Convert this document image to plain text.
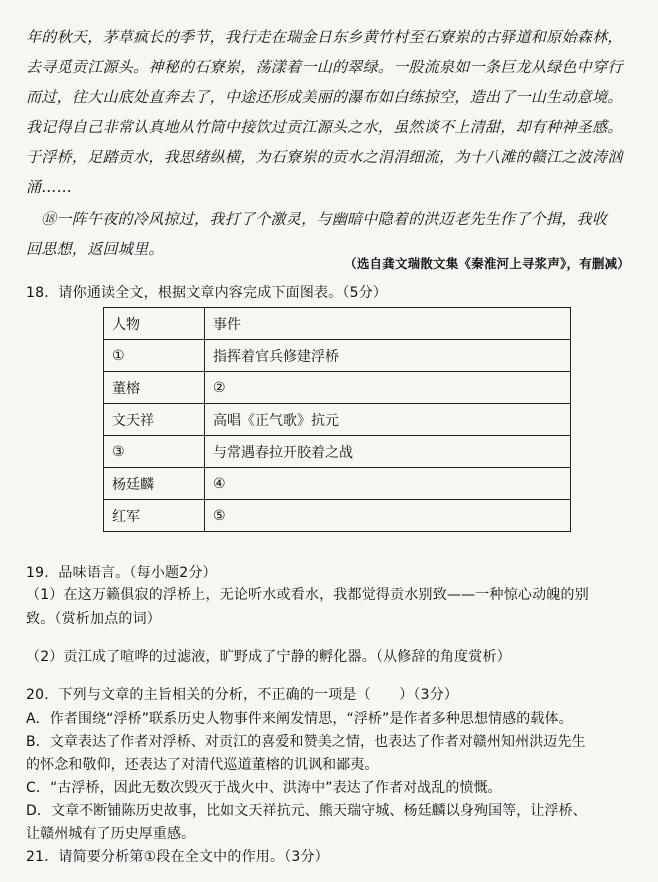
年的秋天，茅草疯长的季节，我行走在瑞金日东乡黄竹村至石寮岽的古驿道和原始森林，

去寻觅贡江源头。神秘的石寮岽，荡漾着一山的翠绿。一股流泉如一条巨龙从绿色中穿行

而过，往大山底处直奔去了，中途还形成美丽的瀑布如白练掠空，造出了一山生动意境。

我记得自己非常认真地从竹筒中接饮过贡江源头之水，虽然谈不上清甜，却有种神圣感。

于浮桥，足踏贡水，我思绪纵横，为石寮岽的贡水之涓涓细流，为十八滩的赣江之波涛汹

涌……

⑱一阵午夜的冷风掠过，我打了个激灵，与幽暗中隐着的洪迈老先生作了个揖，我收

回思想，返回城里。

（选自龚文瑞散文集《秦淮河上寻浆声》，有删减）
18．请你通读全文，根据文章内容完成下面图表。（5分）
人物	事件
①	指挥着官兵修建浮桥
董榕	②
文天祥	高唱《正气歌》抗元
③	与常遇春拉开胶着之战
杨廷麟	④
红军	⑤
19．品味语言。（每小题2分）
（1）在这万籁俱寂的浮桥上，无论听水或看水，我都觉得贡水别致——一种惊心动魄的别
致。（赏析加点的词）
（2）贡江成了喧哗的过滤液，旷野成了宁静的孵化器。（从修辞的角度赏析）
20．下列与文章的主旨相关的分析，不正确的一项是（　　）（3分）
A．作者围绕“浮桥”联系历史人物事件来阐发情思，“浮桥”是作者多种思想情感的载体。
B．文章表达了作者对浮桥、对贡江的喜爱和赞美之情，也表达了作者对赣州知州洪迈先生
的怀念和敬仰，还表达了对清代巡道董榕的讥讽和鄙夷。
C．“古浮桥，因此无数次毁灭于战火中、洪涛中”表达了作者对战乱的愤慨。
D．文章不断铺陈历史故事，比如文天祥抗元、熊天瑞守城、杨廷麟以身殉国等，让浮桥、
让赣州城有了历史厚重感。
21．请简要分析第①段在全文中的作用。（3分）
